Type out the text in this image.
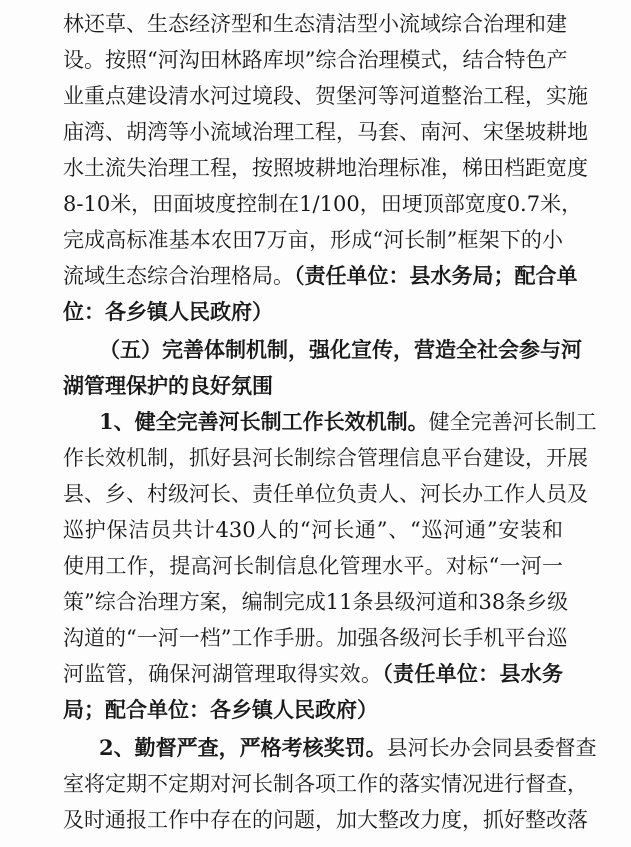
林还草、生态经济型和生态清洁型小流域综合治理和建
设。按照“河沟田林路库坝”综合治理模式，结合特色产
业重点建设清水河过境段、贺堡河等河道整治工程，实施
庙湾、胡湾等小流域治理工程，马套、南河、宋堡坡耕地
水土流失治理工程，按照坡耕地治理标准，梯田档距宽度
8-10米，田面坡度控制在1/100，田埂顶部宽度0.7米，
完成高标准基本农田7万亩，形成“河长制”框架下的小
流域生态综合治理格局。（责任单位：县水务局；配合单
位：各乡镇人民政府）
（五）完善体制机制，强化宣传，营造全社会参与河
湖管理保护的良好氛围
1、健全完善河长制工作长效机制。健全完善河长制工
作长效机制，抓好县河长制综合管理信息平台建设，开展
县、乡、村级河长、责任单位负责人、河长办工作人员及
巡护保洁员共计430人的“河长通”、“巡河通”安装和
使用工作，提高河长制信息化管理水平。对标“一河一
策”综合治理方案，编制完成11条县级河道和38条乡级
沟道的“一河一档”工作手册。加强各级河长手机平台巡
河监管，确保河湖管理取得实效。（责任单位：县水务
局；配合单位：各乡镇人民政府）
2、勤督严查，严格考核奖罚。县河长办会同县委督查
室将定期不定期对河长制各项工作的落实情况进行督查，
及时通报工作中存在的问题，加大整改力度，抓好整改落
